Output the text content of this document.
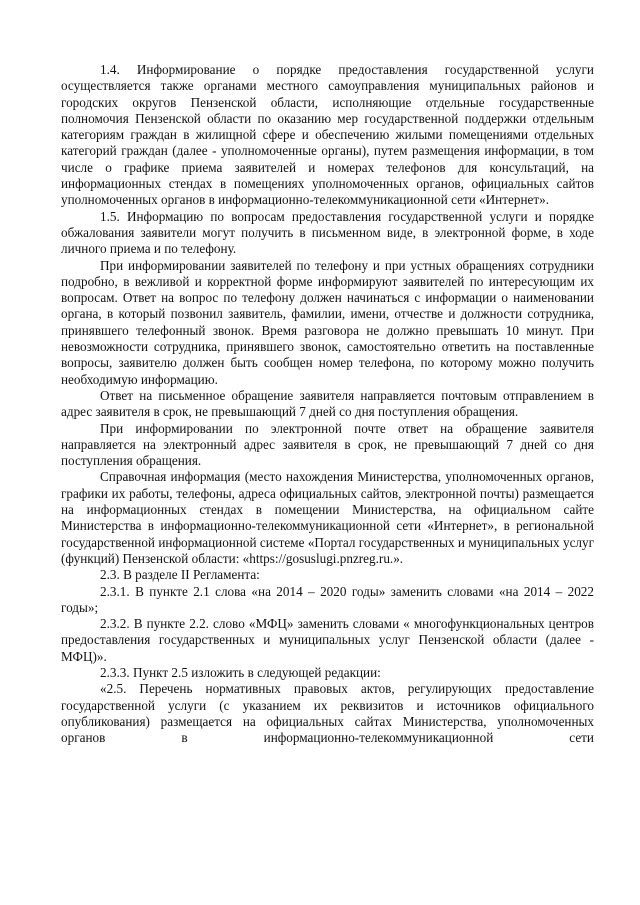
1.4. Информирование о порядке предоставления государственной услуги осуществляется также органами местного самоуправления муниципальных районов и городских округов Пензенской области, исполняющие отдельные государственные полномочия Пензенской области по оказанию мер государственной поддержки отдельным категориям граждан в жилищной сфере и обеспечению жилыми помещениями отдельных категорий граждан (далее - уполномоченные органы), путем размещения информации, в том числе о графике приема заявителей и номерах телефонов для консультаций, на информационных стендах в помещениях уполномоченных органов, официальных сайтов уполномоченных органов в информационно-телекоммуникационной сети «Интернет».

1.5. Информацию по вопросам предоставления государственной услуги и порядке обжалования заявители могут получить в письменном виде, в электронной форме, в ходе личного приема и по телефону.

При информировании заявителей по телефону и при устных обращениях сотрудники подробно, в вежливой и корректной форме информируют заявителей по интересующим их вопросам. Ответ на вопрос по телефону должен начинаться с информации о наименовании органа, в который позвонил заявитель, фамилии, имени, отчестве и должности сотрудника, принявшего телефонный звонок. Время разговора не должно превышать 10 минут. При невозможности сотрудника, принявшего звонок, самостоятельно ответить на поставленные вопросы, заявителю должен быть сообщен номер телефона, по которому можно получить необходимую информацию.

Ответ на письменное обращение заявителя направляется почтовым отправлением в адрес заявителя в срок, не превышающий 7 дней со дня поступления обращения.

При информировании по электронной почте ответ на обращение заявителя направляется на электронный адрес заявителя в срок, не превышающий 7 дней со дня поступления обращения.

Справочная информация (место нахождения Министерства, уполномоченных органов, графики их работы, телефоны, адреса официальных сайтов, электронной почты) размещается на информационных стендах в помещении Министерства, на официальном сайте Министерства в информационно-телекоммуникационной сети «Интернет», в региональной государственной информационной системе «Портал государственных и муниципальных услуг (функций) Пензенской области: «https://gosuslugi.pnzreg.ru.».

2.3. В разделе II Регламента:

2.3.1. В пункте 2.1 слова «на 2014 – 2020 годы» заменить словами «на 2014 – 2022 годы»;

2.3.2. В пункте 2.2. слово «МФЦ» заменить словами « многофункциональных центров предоставления государственных и муниципальных услуг Пензенской области (далее - МФЦ)».

2.3.3. Пункт 2.5 изложить в следующей редакции:

«2.5. Перечень нормативных правовых актов, регулирующих предоставление государственной услуги (с указанием их реквизитов и источников официального опубликования) размещается на официальных сайтах Министерства, уполномоченных органов в информационно-телекоммуникационной сети
